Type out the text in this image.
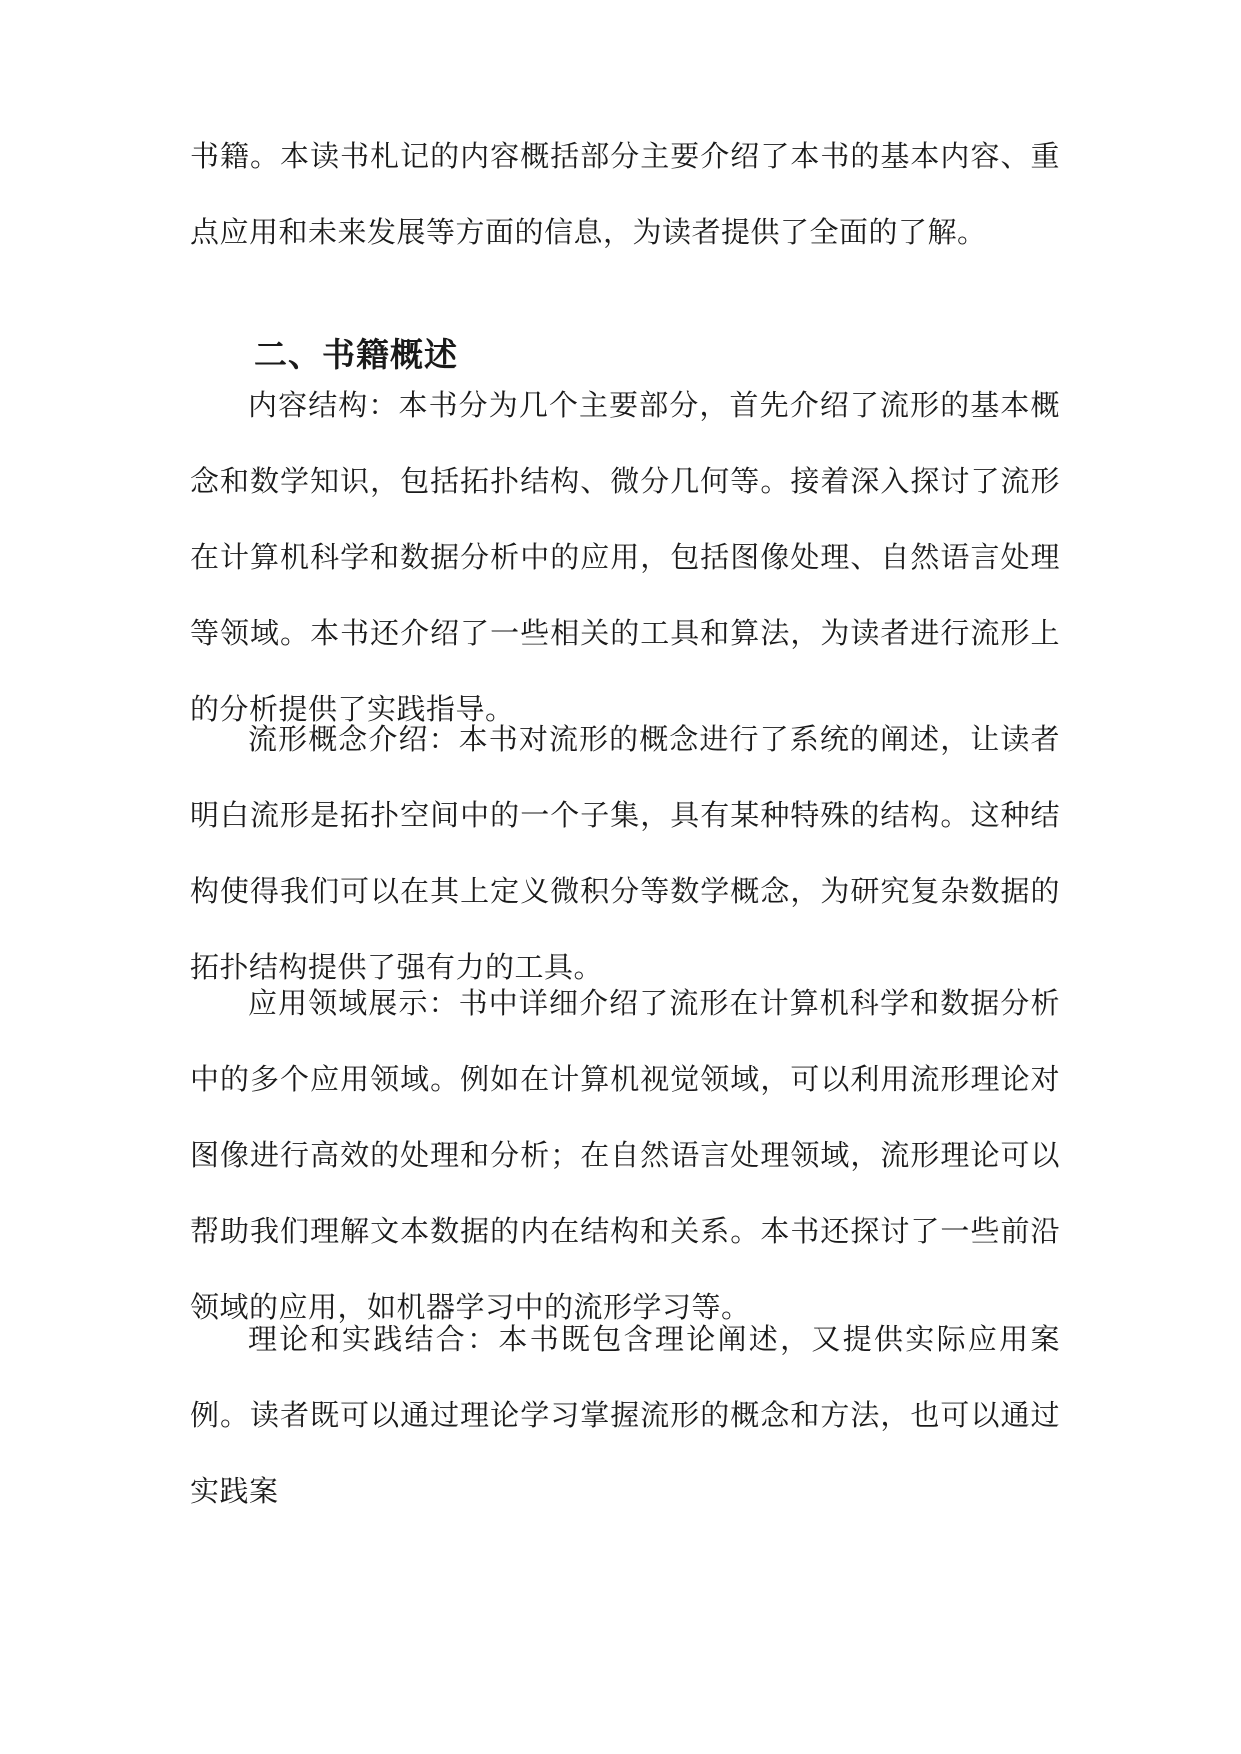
书籍。本读书札记的内容概括部分主要介绍了本书的基本内容、重点应用和未来发展等方面的信息，为读者提供了全面的了解。

二、书籍概述

内容结构：本书分为几个主要部分，首先介绍了流形的基本概念和数学知识，包括拓扑结构、微分几何等。接着深入探讨了流形在计算机科学和数据分析中的应用，包括图像处理、自然语言处理等领域。本书还介绍了一些相关的工具和算法，为读者进行流形上的分析提供了实践指导。

流形概念介绍：本书对流形的概念进行了系统的阐述，让读者明白流形是拓扑空间中的一个子集，具有某种特殊的结构。这种结构使得我们可以在其上定义微积分等数学概念，为研究复杂数据的拓扑结构提供了强有力的工具。

应用领域展示：书中详细介绍了流形在计算机科学和数据分析中的多个应用领域。例如在计算机视觉领域，可以利用流形理论对图像进行高效的处理和分析；在自然语言处理领域，流形理论可以帮助我们理解文本数据的内在结构和关系。本书还探讨了一些前沿领域的应用，如机器学习中的流形学习等。

理论和实践结合：本书既包含理论阐述，又提供实际应用案例。读者既可以通过理论学习掌握流形的概念和方法，也可以通过实践案
